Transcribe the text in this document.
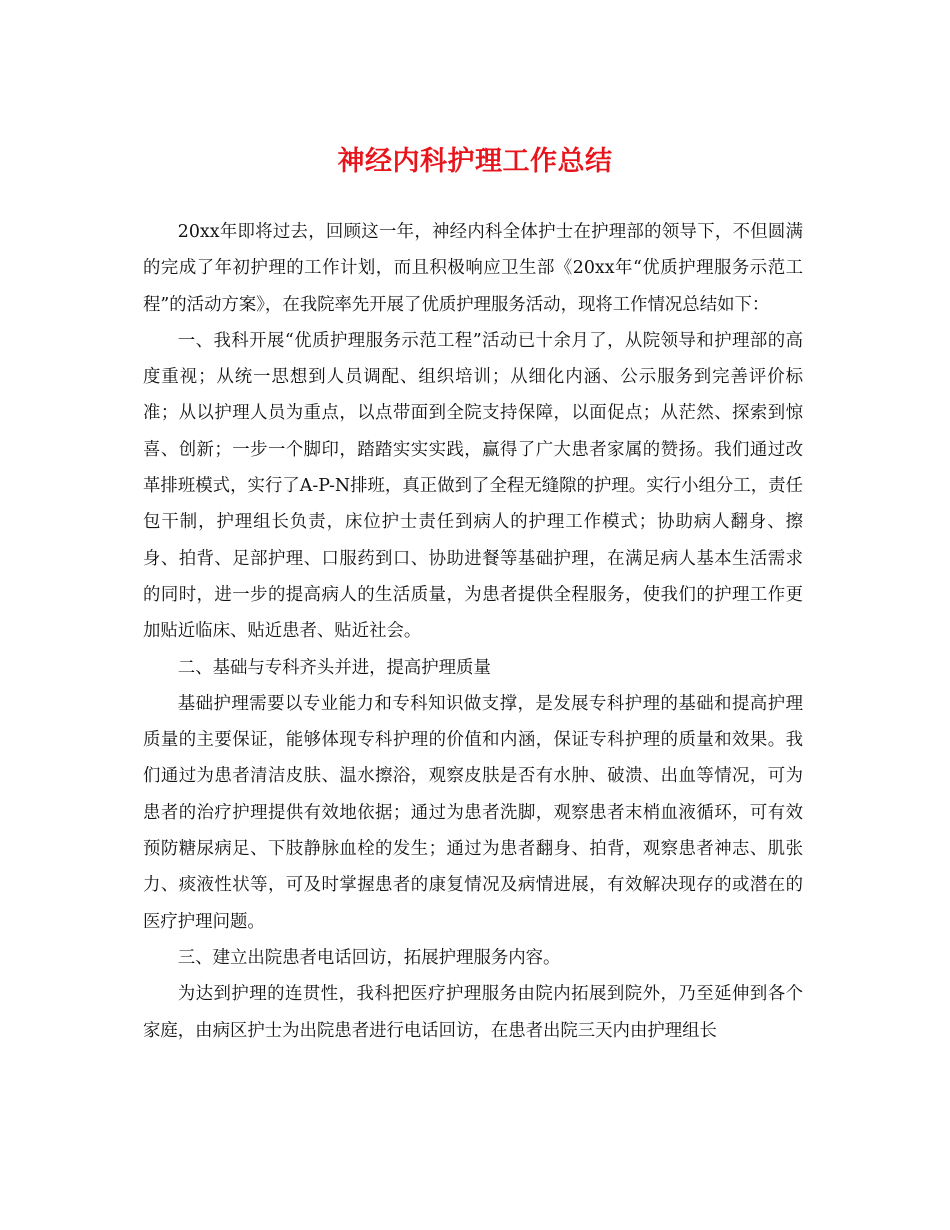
神经内科护理工作总结

20xx年即将过去，回顾这一年，神经内科全体护士在护理部的领导下，不但圆满的完成了年初护理的工作计划，而且积极响应卫生部《20xx年“优质护理服务示范工程”的活动方案》，在我院率先开展了优质护理服务活动，现将工作情况总结如下：

一、我科开展“优质护理服务示范工程”活动已十余月了，从院领导和护理部的高度重视；从统一思想到人员调配、组织培训；从细化内涵、公示服务到完善评价标准；从以护理人员为重点，以点带面到全院支持保障，以面促点；从茫然、探索到惊喜、创新；一步一个脚印，踏踏实实实践，赢得了广大患者家属的赞扬。我们通过改革排班模式，实行了A-P-N排班，真正做到了全程无缝隙的护理。实行小组分工，责任包干制，护理组长负责，床位护士责任到病人的护理工作模式；协助病人翻身、擦身、拍背、足部护理、口服药到口、协助进餐等基础护理，在满足病人基本生活需求的同时，进一步的提高病人的生活质量，为患者提供全程服务，使我们的护理工作更加贴近临床、贴近患者、贴近社会。

二、基础与专科齐头并进，提高护理质量

基础护理需要以专业能力和专科知识做支撑，是发展专科护理的基础和提高护理质量的主要保证，能够体现专科护理的价值和内涵，保证专科护理的质量和效果。我们通过为患者清洁皮肤、温水擦浴，观察皮肤是否有水肿、破溃、出血等情况，可为患者的治疗护理提供有效地依据；通过为患者洗脚，观察患者末梢血液循环，可有效预防糖尿病足、下肢静脉血栓的发生；通过为患者翻身、拍背，观察患者神志、肌张力、痰液性状等，可及时掌握患者的康复情况及病情进展，有效解决现存的或潜在的医疗护理问题。

三、建立出院患者电话回访，拓展护理服务内容。

为达到护理的连贯性，我科把医疗护理服务由院内拓展到院外，乃至延伸到各个家庭，由病区护士为出院患者进行电话回访，在患者出院三天内由护理组长
